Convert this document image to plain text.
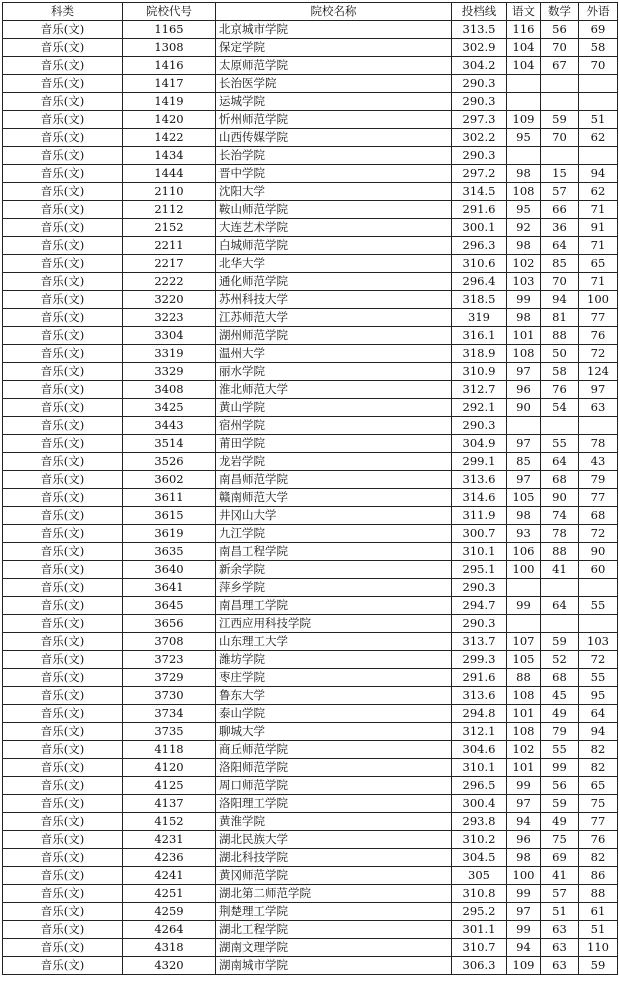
科类	院校代号	院校名称	投档线	语文	数学	外语
音乐(文)	1165	北京城市学院	313.5	116	56	69
音乐(文)	1308	保定学院	302.9	104	70	58
音乐(文)	1416	太原师范学院	304.2	104	67	70
音乐(文)	1417	长治医学院	290.3			
音乐(文)	1419	运城学院	290.3			
音乐(文)	1420	忻州师范学院	297.3	109	59	51
音乐(文)	1422	山西传媒学院	302.2	95	70	62
音乐(文)	1434	长治学院	290.3			
音乐(文)	1444	晋中学院	297.2	98	15	94
音乐(文)	2110	沈阳大学	314.5	108	57	62
音乐(文)	2112	鞍山师范学院	291.6	95	66	71
音乐(文)	2152	大连艺术学院	300.1	92	36	91
音乐(文)	2211	白城师范学院	296.3	98	64	71
音乐(文)	2217	北华大学	310.6	102	85	65
音乐(文)	2222	通化师范学院	296.4	103	70	71
音乐(文)	3220	苏州科技大学	318.5	99	94	100
音乐(文)	3223	江苏师范大学	319	98	81	77
音乐(文)	3304	湖州师范学院	316.1	101	88	76
音乐(文)	3319	温州大学	318.9	108	50	72
音乐(文)	3329	丽水学院	310.9	97	58	124
音乐(文)	3408	淮北师范大学	312.7	96	76	97
音乐(文)	3425	黄山学院	292.1	90	54	63
音乐(文)	3443	宿州学院	290.3			
音乐(文)	3514	莆田学院	304.9	97	55	78
音乐(文)	3526	龙岩学院	299.1	85	64	43
音乐(文)	3602	南昌师范学院	313.6	97	68	79
音乐(文)	3611	赣南师范大学	314.6	105	90	77
音乐(文)	3615	井冈山大学	311.9	98	74	68
音乐(文)	3619	九江学院	300.7	93	78	72
音乐(文)	3635	南昌工程学院	310.1	106	88	90
音乐(文)	3640	新余学院	295.1	100	41	60
音乐(文)	3641	萍乡学院	290.3			
音乐(文)	3645	南昌理工学院	294.7	99	64	55
音乐(文)	3656	江西应用科技学院	290.3			
音乐(文)	3708	山东理工大学	313.7	107	59	103
音乐(文)	3723	潍坊学院	299.3	105	52	72
音乐(文)	3729	枣庄学院	291.6	88	68	55
音乐(文)	3730	鲁东大学	313.6	108	45	95
音乐(文)	3734	泰山学院	294.8	101	49	64
音乐(文)	3735	聊城大学	312.1	108	79	94
音乐(文)	4118	商丘师范学院	304.6	102	55	82
音乐(文)	4120	洛阳师范学院	310.1	101	99	82
音乐(文)	4125	周口师范学院	296.5	99	56	65
音乐(文)	4137	洛阳理工学院	300.4	97	59	75
音乐(文)	4152	黄淮学院	293.8	94	49	77
音乐(文)	4231	湖北民族大学	310.2	96	75	76
音乐(文)	4236	湖北科技学院	304.5	98	69	82
音乐(文)	4241	黄冈师范学院	305	100	41	86
音乐(文)	4251	湖北第二师范学院	310.8	99	57	88
音乐(文)	4259	荆楚理工学院	295.2	97	51	61
音乐(文)	4264	湖北工程学院	301.1	99	63	51
音乐(文)	4318	湖南文理学院	310.7	94	63	110
音乐(文)	4320	湖南城市学院	306.3	109	63	59
